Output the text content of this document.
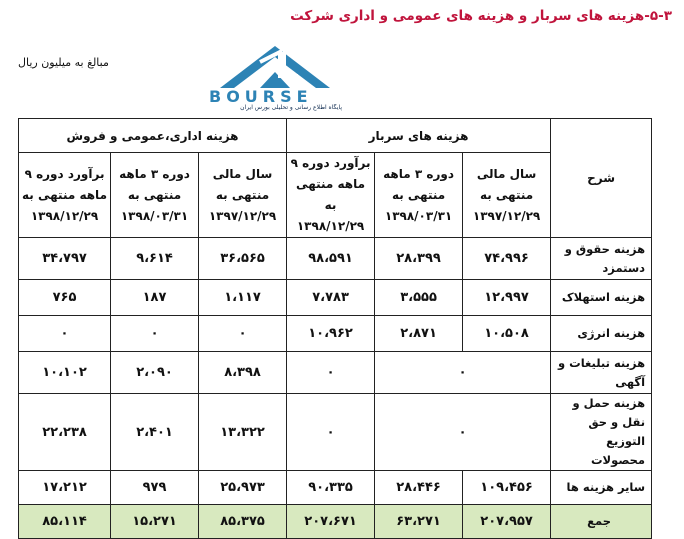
۵-۳-هزینه های سربار و هزینه های عمومی و اداری شرکت
مبالغ به میلیون ریال
BOURSE
پایگاه اطلاع رسانی و تحلیلی بورس ایران
شرح	هزینه های سربار			هزینه اداری،عمومی و فروش		
	سال مالی منتهی به ۱۳۹۷/۱۲/۲۹	دوره ۳ ماهه منتهی به ۱۳۹۸/۰۳/۳۱	برآورد دوره ۹ ماهه منتهی به ۱۳۹۸/۱۲/۲۹	سال مالی منتهی به ۱۳۹۷/۱۲/۲۹	دوره ۳ ماهه منتهی به ۱۳۹۸/۰۳/۳۱	برآورد دوره ۹ ماهه منتهی به ۱۳۹۸/۱۲/۲۹
هزینه حقوق و دستمزد	۷۴،۹۹۶	۲۸،۳۹۹	۹۸،۵۹۱	۳۶،۵۶۵	۹،۶۱۴	۳۴،۷۹۷
هزینه استهلاک	۱۲،۹۹۷	۳،۵۵۵	۷،۷۸۳	۱،۱۱۷	۱۸۷	۷۶۵
هزینه انرژی	۱۰،۵۰۸	۲،۸۷۱	۱۰،۹۶۲	۰	۰	۰
هزینه تبلیغات و آگهی	۰		۰	۸،۳۹۸	۲،۰۹۰	۱۰،۱۰۲
هزینه حمل و نقل و حق التوزیع محصولات	۰		۰	۱۳،۳۲۲	۲،۴۰۱	۲۲،۲۳۸
سایر هزینه ها	۱۰۹،۴۵۶	۲۸،۴۴۶	۹۰،۳۳۵	۲۵،۹۷۳	۹۷۹	۱۷،۲۱۲
جمع	۲۰۷،۹۵۷	۶۳،۲۷۱	۲۰۷،۶۷۱	۸۵،۳۷۵	۱۵،۲۷۱	۸۵،۱۱۴
